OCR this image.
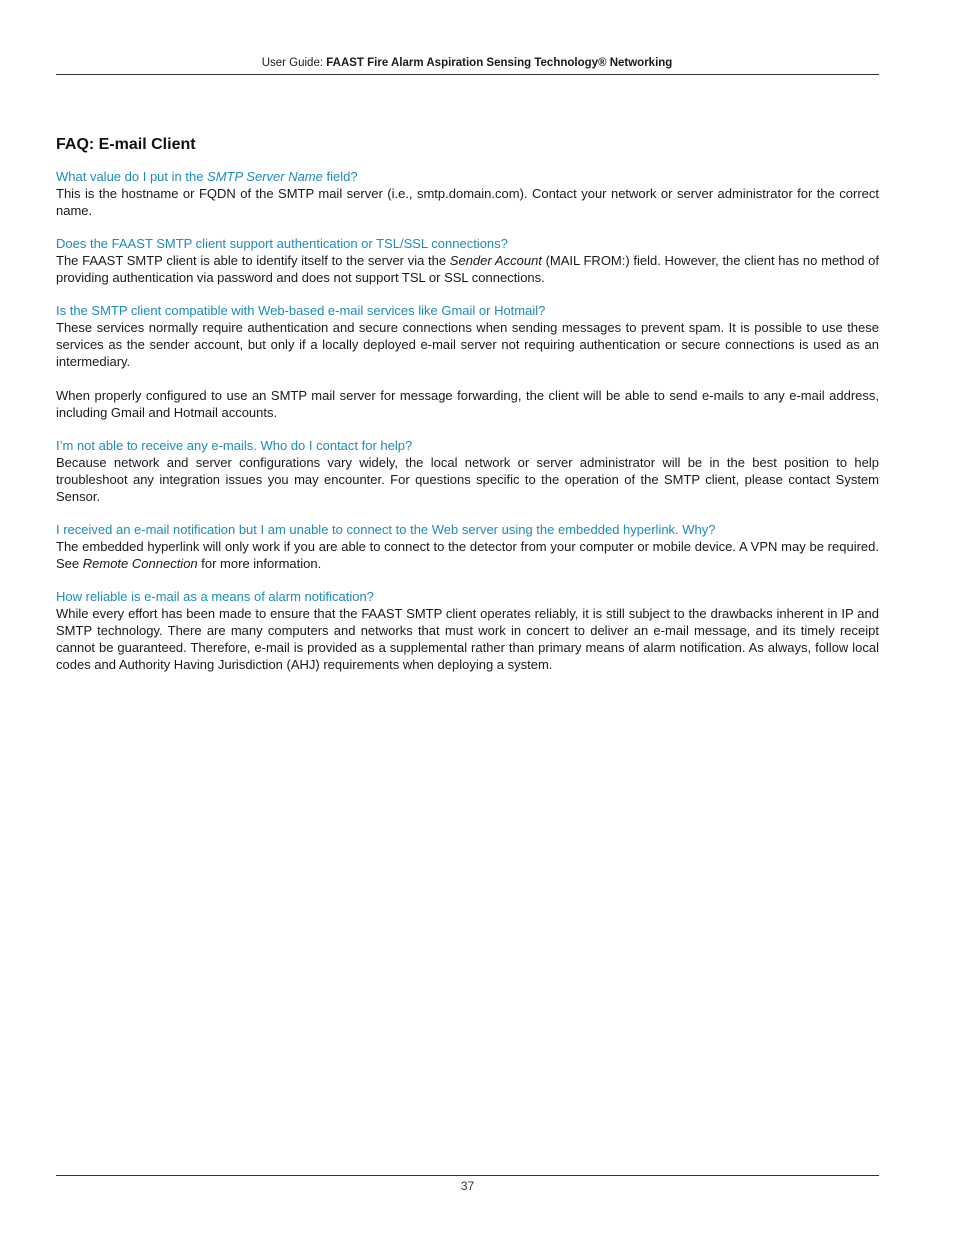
User Guide: FAAST Fire Alarm Aspiration Sensing Technology® Networking
FAQ: E-mail Client

What value do I put in the SMTP Server Name field?

This is the hostname or FQDN of the SMTP mail server (i.e., smtp.domain.com). Contact your network or server administrator for the correct name.

Does the FAAST SMTP client support authentication or TSL/SSL connections?

The FAAST SMTP client is able to identify itself to the server via the Sender Account (MAIL FROM:) field. However, the client has no method of providing authentication via password and does not support TSL or SSL connections.

Is the SMTP client compatible with Web-based e-mail services like Gmail or Hotmail?

These services normally require authentication and secure connections when sending messages to prevent spam. It is possible to use these services as the sender account, but only if a locally deployed e-mail server not requiring authentication or secure connections is used as an intermediary.

When properly configured to use an SMTP mail server for message forwarding, the client will be able to send e-mails to any e-mail address, including Gmail and Hotmail accounts.

I’m not able to receive any e-mails. Who do I contact for help?

Because network and server configurations vary widely, the local network or server administrator will be in the best position to help troubleshoot any integration issues you may encounter. For questions specific to the operation of the SMTP client, please contact System Sensor.

I received an e-mail notification but I am unable to connect to the Web server using the embedded hyperlink. Why?

The embedded hyperlink will only work if you are able to connect to the detector from your computer or mobile device. A VPN may be required. See Remote Connection for more information.

How reliable is e-mail as a means of alarm notification?

While every effort has been made to ensure that the FAAST SMTP client operates reliably, it is still subject to the drawbacks inherent in IP and SMTP technology. There are many computers and networks that must work in concert to deliver an e-mail message, and its timely receipt cannot be guaranteed. Therefore, e-mail is provided as a supplemental rather than primary means of alarm notification. As always, follow local codes and Authority Having Jurisdiction (AHJ) requirements when deploying a system.

37
